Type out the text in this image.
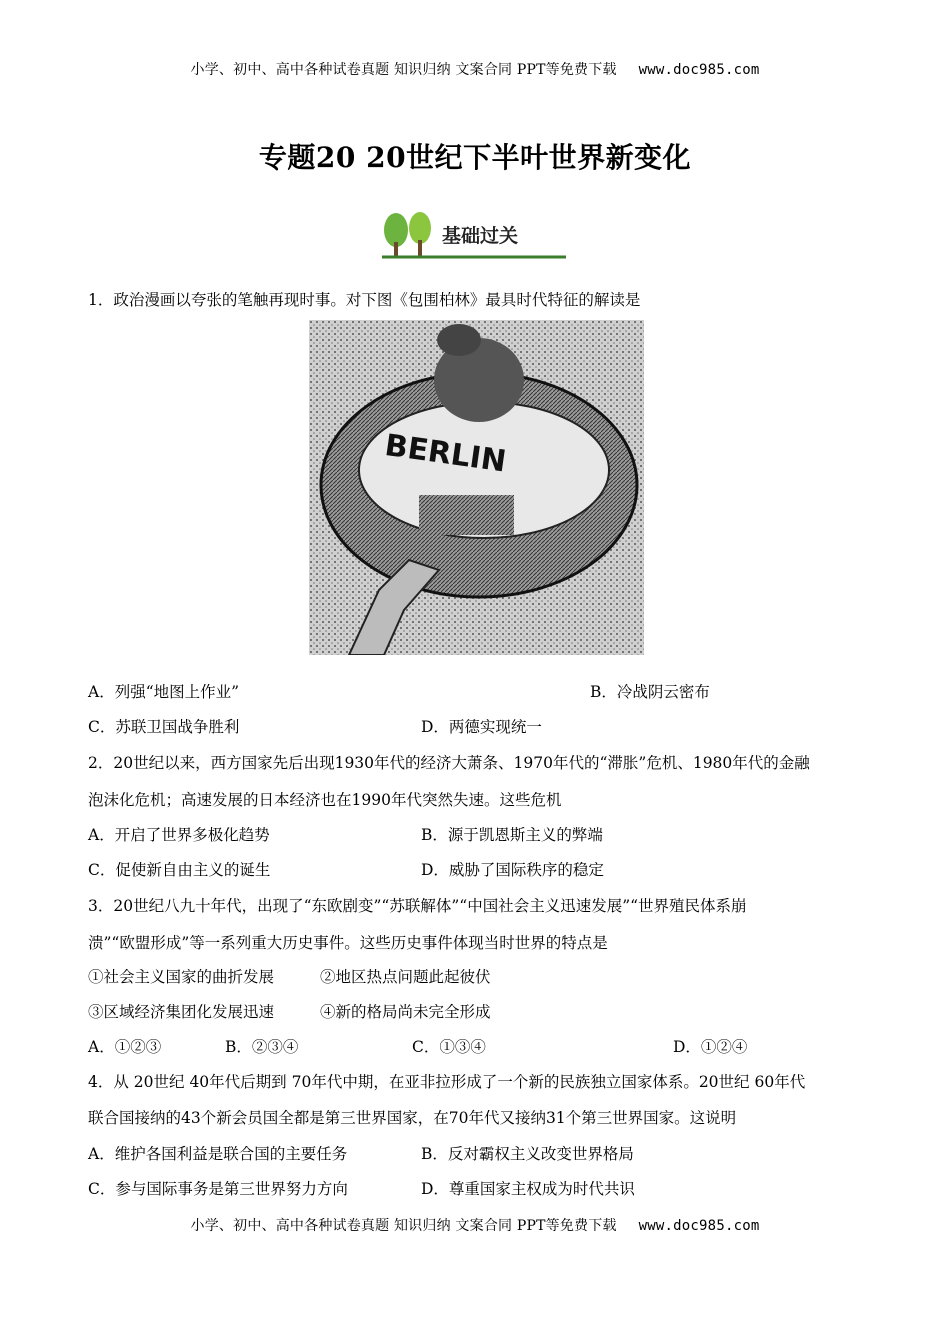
小学、初中、高中各种试卷真题 知识归纳 文案合同 PPT等免费下载 www.doc985.com
专题20 20世纪下半叶世界新变化
基础过关
1．政治漫画以夸张的笔触再现时事。对下图《包围柏林》最具时代特征的解读是
BERLIN
A．列强“地图上作业”	B．冷战阴云密布
C．苏联卫国战争胜利	D．两德实现统一
2．20世纪以来，西方国家先后出现1930年代的经济大萧条、1970年代的“滞胀”危机、1980年代的金融
泡沫化危机；高速发展的日本经济也在1990年代突然失速。这些危机
A．开启了世界多极化趋势	B．源于凯恩斯主义的弊端
C．促使新自由主义的诞生	D．威胁了国际秩序的稳定
3．20世纪八九十年代，出现了“东欧剧变”“苏联解体”“中国社会主义迅速发展”“世界殖民体系崩
溃”“欧盟形成”等一系列重大历史事件。这些历史事件体现当时世界的特点是
①社会主义国家的曲折发展	②地区热点问题此起彼伏
③区域经济集团化发展迅速	④新的格局尚未完全形成
A．①②③	B．②③④	C．①③④	D．①②④
4．从 20世纪 40年代后期到 70年代中期，在亚非拉形成了一个新的民族独立国家体系。20世纪 60年代
联合国接纳的43个新会员国全都是第三世界国家，在70年代又接纳31个第三世界国家。这说明
A．维护各国利益是联合国的主要任务	B．反对霸权主义改变世界格局
C．参与国际事务是第三世界努力方向	D．尊重国家主权成为时代共识
小学、初中、高中各种试卷真题 知识归纳 文案合同 PPT等免费下载 www.doc985.com
